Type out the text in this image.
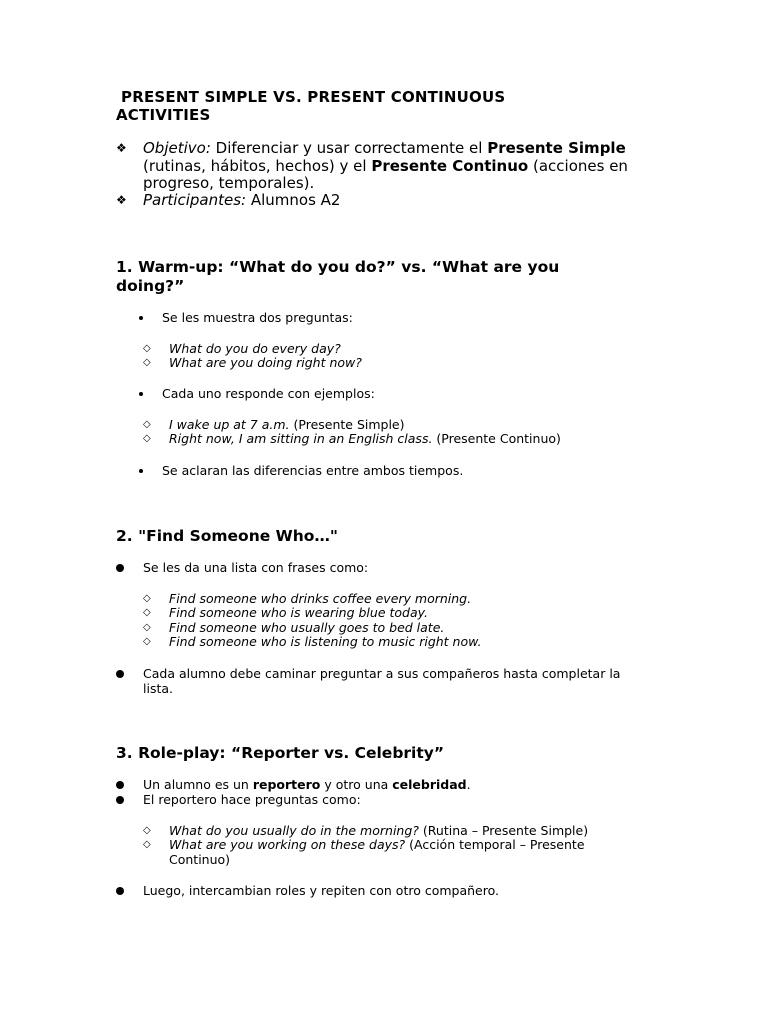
PRESENT SIMPLE VS. PRESENT CONTINUOUS
ACTIVITIES
❖ Objetivo: Diferenciar y usar correctamente el Presente Simple (rutinas, hábitos, hechos) y el Presente Continuo (acciones en progreso, temporales).
❖ Participantes: Alumnos A2
1. Warm-up: “What do you do?” vs. “What are you
doing?”
Se les muestra dos preguntas:
◇ What do you do every day?
◇ What are you doing right now?
Cada uno responde con ejemplos:
◇ I wake up at 7 a.m. (Presente Simple)
◇ Right now, I am sitting in an English class. (Presente Continuo)
Se aclaran las diferencias entre ambos tiempos.
2. "Find Someone Who…"
Se les da una lista con frases como:
◇ Find someone who drinks coffee every morning.
◇ Find someone who is wearing blue today.
◇ Find someone who usually goes to bed late.
◇ Find someone who is listening to music right now.
Cada alumno debe caminar preguntar a sus compañeros hasta completar la lista.
3. Role-play: “Reporter vs. Celebrity”
Un alumno es un reportero y otro una celebridad.
El reportero hace preguntas como:
◇ What do you usually do in the morning? (Rutina – Presente Simple)
◇ What are you working on these days? (Acción temporal – Presente Continuo)
Luego, intercambian roles y repiten con otro compañero.
